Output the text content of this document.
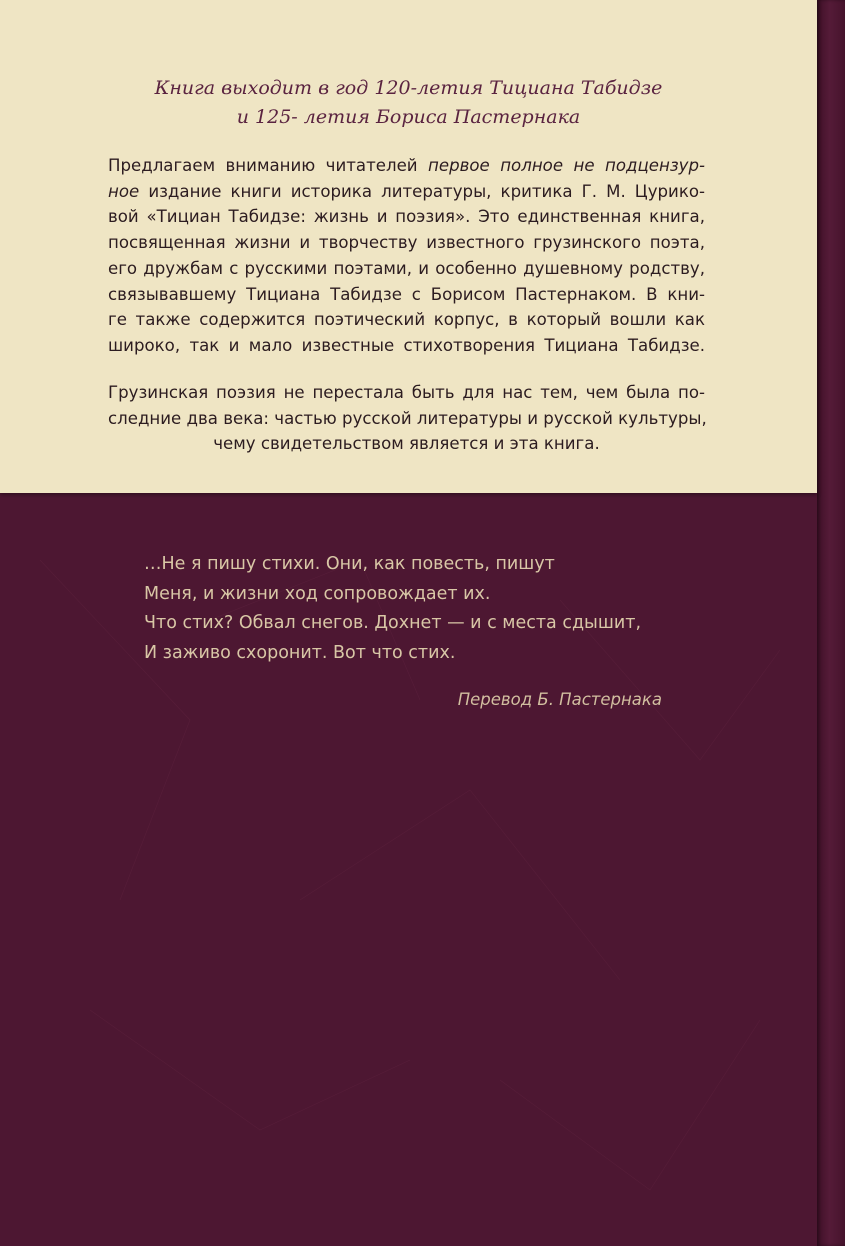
Книга выходит в год 120-летия Тициана Табидзе
и 125- летия Бориса Пастернака
Предлагаем вниманию читателей первое полное не подцензур-
ное издание книги историка литературы, критика Г. М. Цурико-
вой «Тициан Табидзе: жизнь и поэзия». Это единственная книга,
посвященная жизни и творчеству известного грузинского поэта,
его дружбам с русскими поэтами, и особенно душевному родству,
связывавшему Тициана Табидзе с Борисом Пастернаком. В кни-
ге также содержится поэтический корпус, в который вошли как
широко, так и мало известные стихотворения Тициана Табидзе.
Грузинская поэзия не перестала быть для нас тем, чем была по-
следние два века: частью русской литературы и русской культуры,
чему свидетельством является и эта книга.
…Не я пишу стихи. Они, как повесть, пишут
Меня, и жизни ход сопровождает их.
Что стих? Обвал снегов. Дохнет — и с места сдышит,
И заживо схоронит. Вот что стих.
Перевод Б. Пастернака
